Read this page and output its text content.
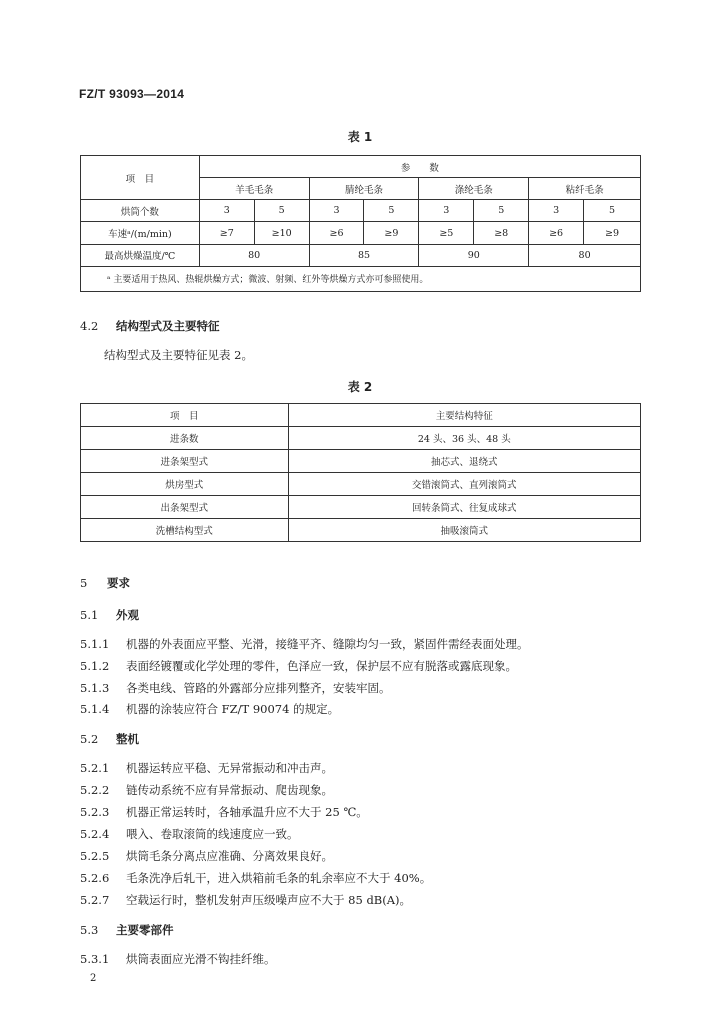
FZ/T 93093—2014
表 1
项　目	参　　数							
	羊毛毛条		腈纶毛条		涤纶毛条		粘纤毛条	
烘筒个数	3	5	3	5	3	5	3	5
车速ᵃ/(m/min)	≥7	≥10	≥6	≥9	≥5	≥8	≥6	≥9
最高烘燥温度/℃	80		85		90		80	
ᵃ 主要适用于热风、热辊烘燥方式；微波、射频、红外等烘燥方式亦可参照使用。								
4.2 结构型式及主要特征
结构型式及主要特征见表 2。
表 2
项　目	主要结构特征
进条数	24 头、36 头、48 头
进条架型式	抽芯式、退绕式
烘房型式	交错滚筒式、直列滚筒式
出条架型式	回转条筒式、往复成球式
洗槽结构型式	抽吸滚筒式
5 要求
5.1 外观
5.1.1 机器的外表面应平整、光滑，接缝平齐、缝隙均匀一致，紧固件需经表面处理。
5.1.2 表面经镀覆或化学处理的零件，色泽应一致，保护层不应有脱落或露底现象。
5.1.3 各类电线、管路的外露部分应排列整齐，安装牢固。
5.1.4 机器的涂装应符合 FZ/T 90074 的规定。
5.2 整机
5.2.1 机器运转应平稳、无异常振动和冲击声。
5.2.2 链传动系统不应有异常振动、爬齿现象。
5.2.3 机器正常运转时，各轴承温升应不大于 25 ℃。
5.2.4 喂入、卷取滚筒的线速度应一致。
5.2.5 烘筒毛条分离点应准确、分离效果良好。
5.2.6 毛条洗净后轧干，进入烘箱前毛条的轧余率应不大于 40%。
5.2.7 空载运行时，整机发射声压级噪声应不大于 85 dB(A)。
5.3 主要零部件
5.3.1 烘筒表面应光滑不钩挂纤维。
2
